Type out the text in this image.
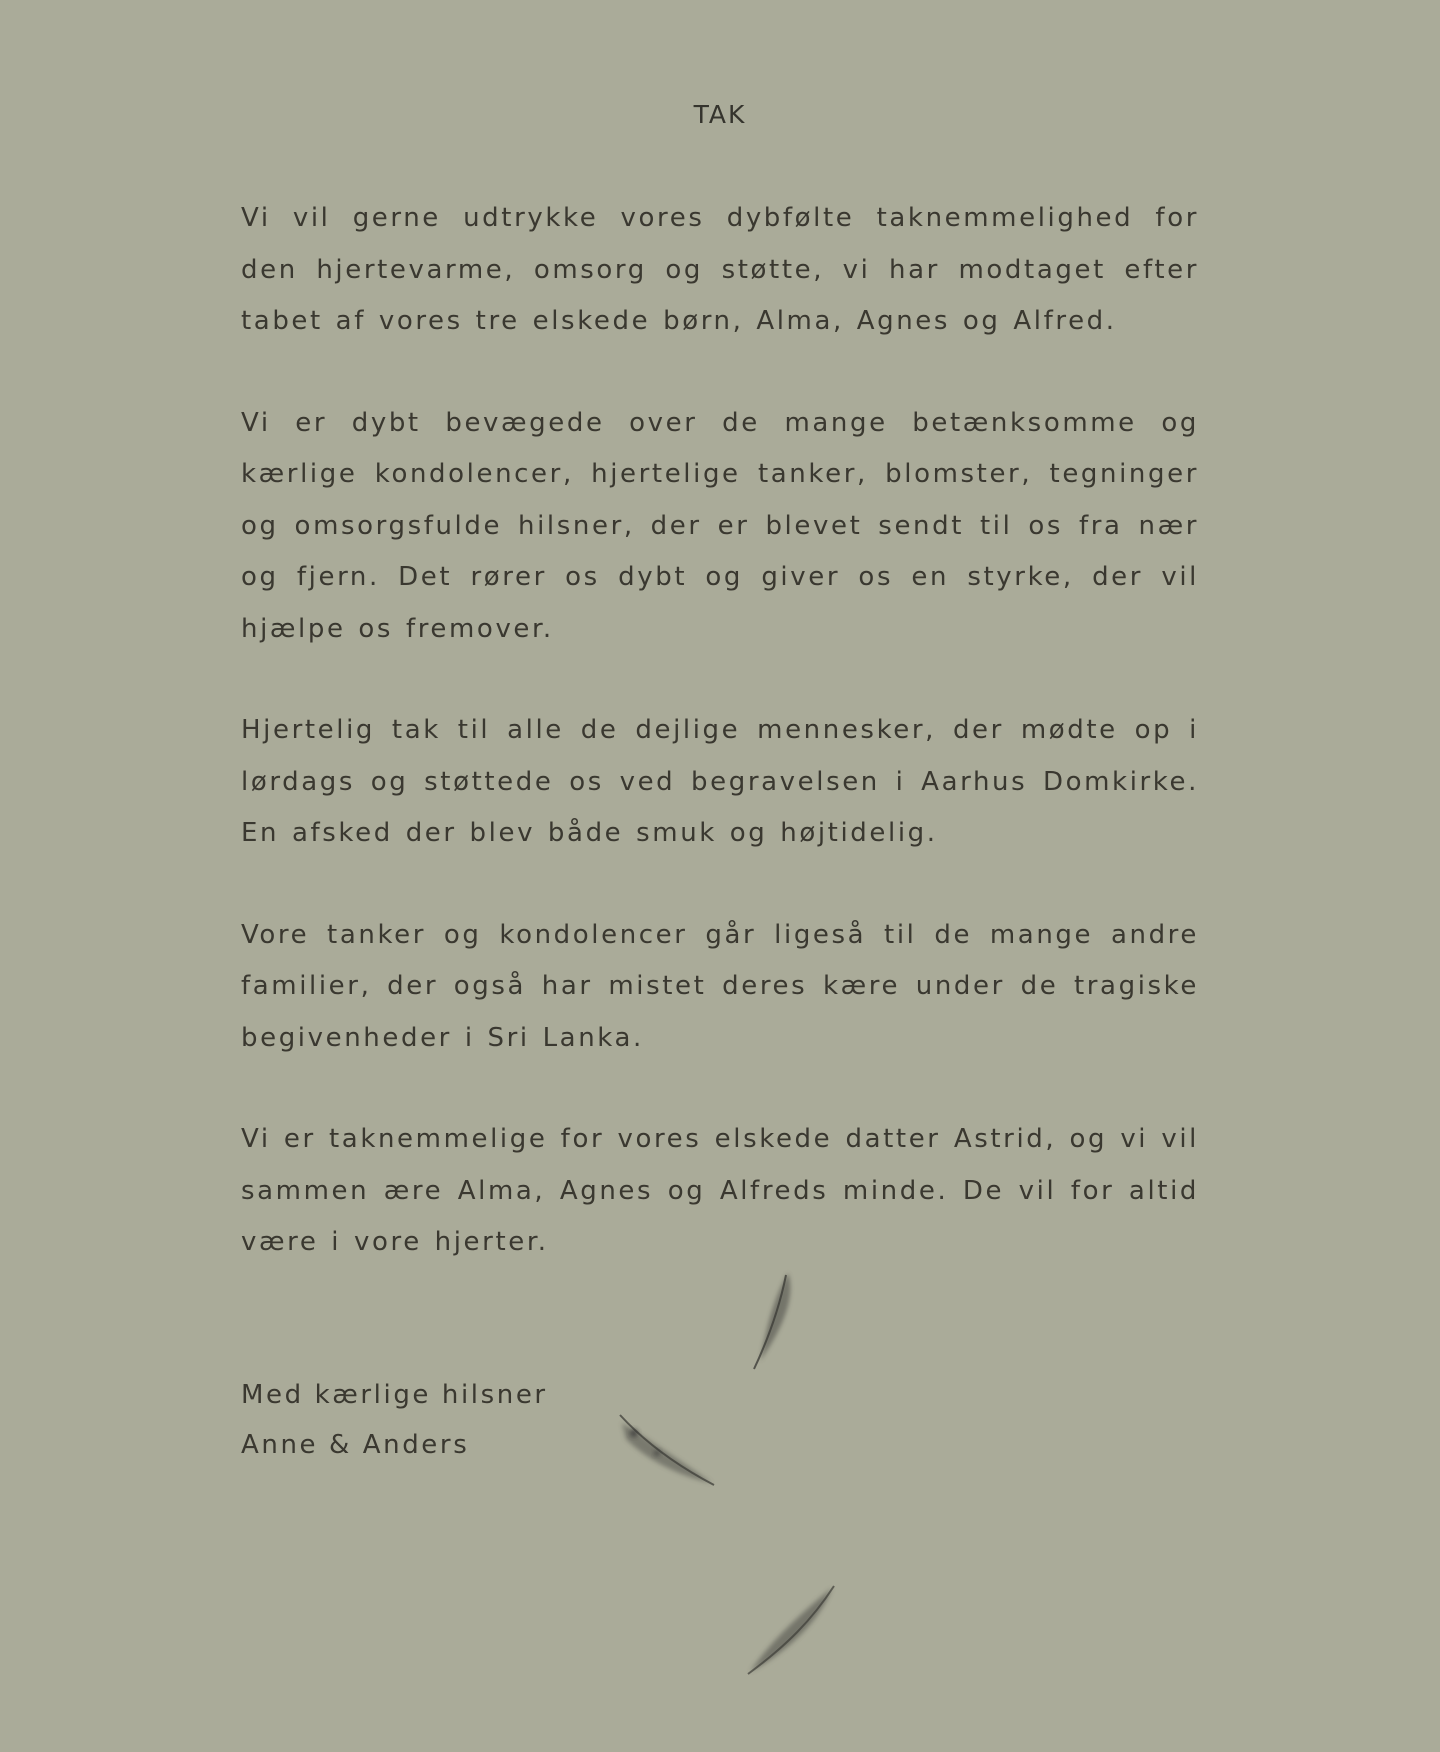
TAK

Vi vil gerne udtrykke vores dybfølte taknemmelighed for den hjertevarme, omsorg og støtte, vi har modtaget efter tabet af vores tre elskede børn, Alma, Agnes og Alfred.

Vi er dybt bevægede over de mange betænksomme og kærlige kondolencer, hjertelige tanker, blomster, tegninger og omsorgsfulde hilsner, der er blevet sendt til os fra nær og fjern. Det rører os dybt og giver os en styrke, der vil hjælpe os fremover.

Hjertelig tak til alle de dejlige mennesker, der mødte op i lørdags og støttede os ved begravelsen i Aarhus Domkirke. En afsked der blev både smuk og højtidelig.

Vore tanker og kondolencer går ligeså til de mange andre familier, der også har mistet deres kære under de tragiske begivenheder i Sri Lanka.

Vi er taknemmelige for vores elskede datter Astrid, og vi vil sammen ære Alma, Agnes og Alfreds minde. De vil for altid være i vore hjerter.

Med kærlige hilsner
Anne & Anders
